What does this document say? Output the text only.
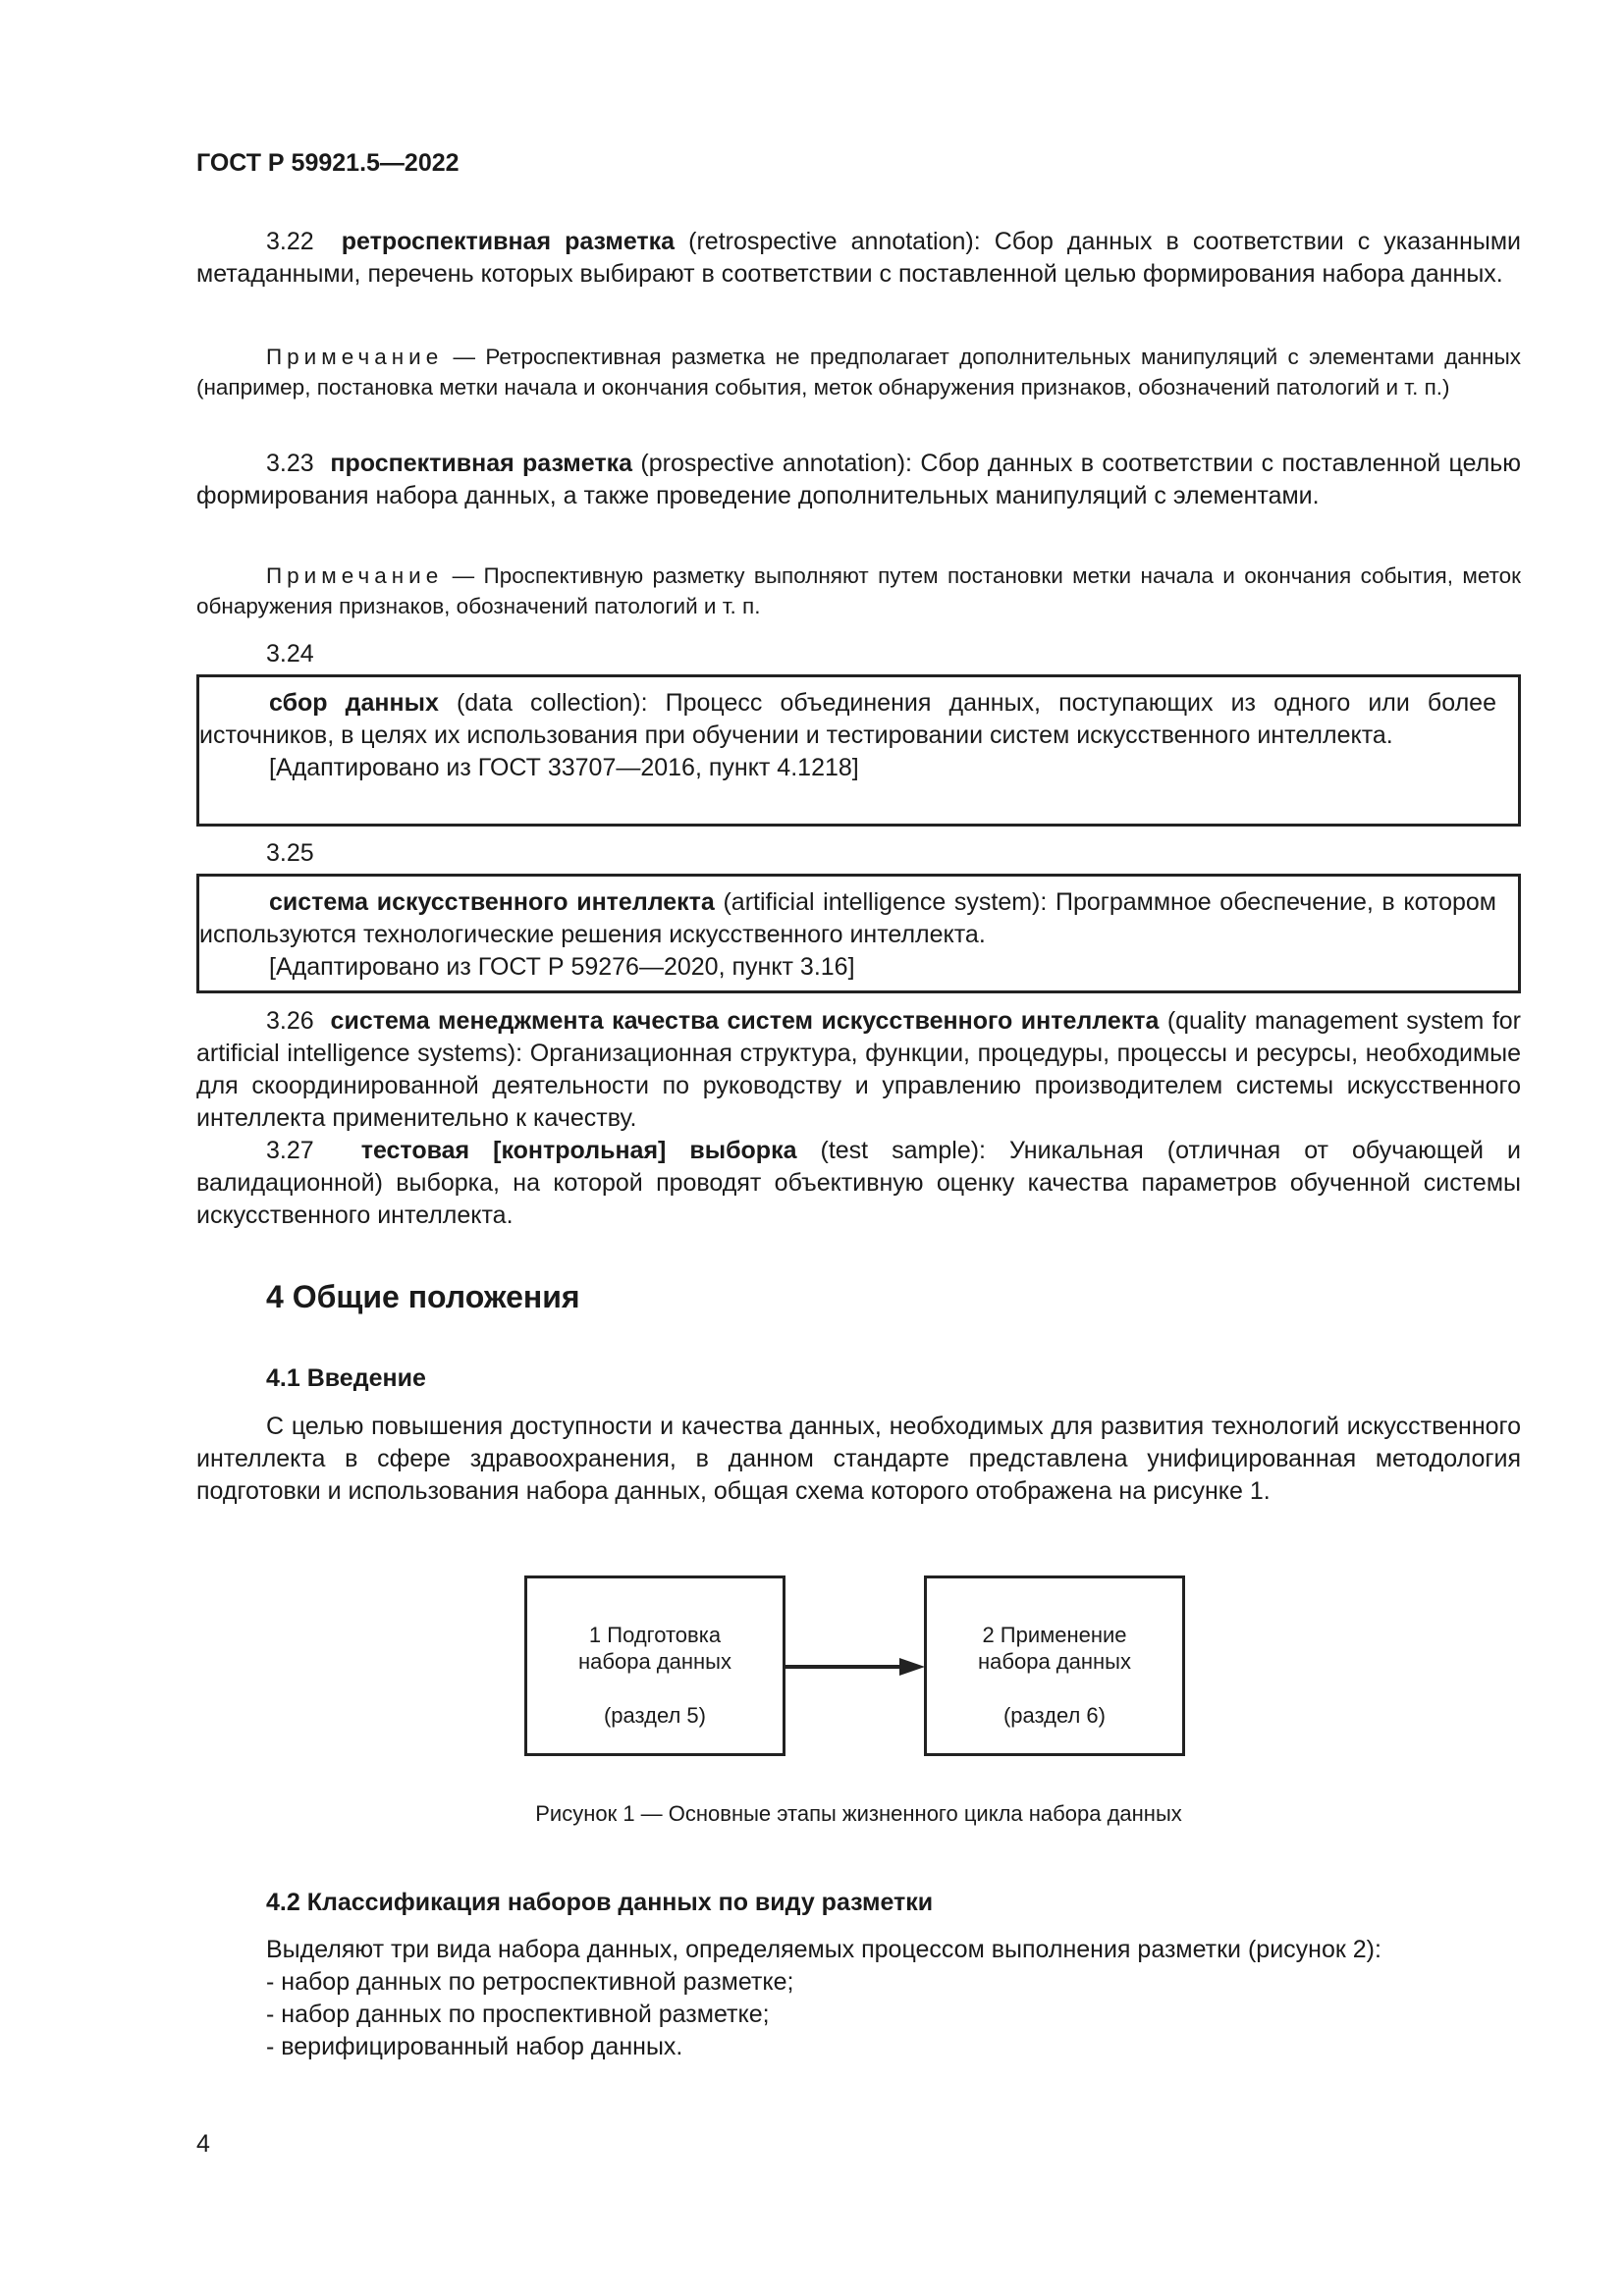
ГОСТ Р 59921.5—2022
3.22 ретроспективная разметка (retrospective annotation): Сбор данных в соответствии с указанными метаданными, перечень которых выбирают в соответствии с поставленной целью формирования набора данных.
Примечание — Ретроспективная разметка не предполагает дополнительных манипуляций с элементами данных (например, постановка метки начала и окончания события, меток обнаружения признаков, обозначений патологий и т. п.)
3.23 проспективная разметка (prospective annotation): Сбор данных в соответствии с поставленной целью формирования набора данных, а также проведение дополнительных манипуляций с элементами.
Примечание — Проспективную разметку выполняют путем постановки метки начала и окончания события, меток обнаружения признаков, обозначений патологий и т. п.
3.24
сбор данных (data collection): Процесс объединения данных, поступающих из одного или более источников, в целях их использования при обучении и тестировании систем искусственного интеллекта.
[Адаптировано из ГОСТ 33707—2016, пункт 4.1218]
3.25
система искусственного интеллекта (artificial intelligence system): Программное обеспечение, в котором используются технологические решения искусственного интеллекта.
[Адаптировано из ГОСТ Р 59276—2020, пункт 3.16]
3.26 система менеджмента качества систем искусственного интеллекта (quality management system for artificial intelligence systems): Организационная структура, функции, процедуры, процессы и ресурсы, необходимые для скоординированной деятельности по руководству и управлению производителем системы искусственного интеллекта применительно к качеству.
3.27 тестовая [контрольная] выборка (test sample): Уникальная (отличная от обучающей и валидационной) выборка, на которой проводят объективную оценку качества параметров обученной системы искусственного интеллекта.
4 Общие положения
4.1 Введение
С целью повышения доступности и качества данных, необходимых для развития технологий искусственного интеллекта в сфере здравоохранения, в данном стандарте представлена унифицированная методология подготовки и использования набора данных, общая схема которого отображена на рисунке 1.
1 Подготовка
набора данных
(раздел 5)
2 Применение
набора данных
(раздел 6)
Рисунок 1 — Основные этапы жизненного цикла набора данных
4.2 Классификация наборов данных по виду разметки
Выделяют три вида набора данных, определяемых процессом выполнения разметки (рисунок 2):
- набор данных по ретроспективной разметке;
- набор данных по проспективной разметке;
- верифицированный набор данных.
4
